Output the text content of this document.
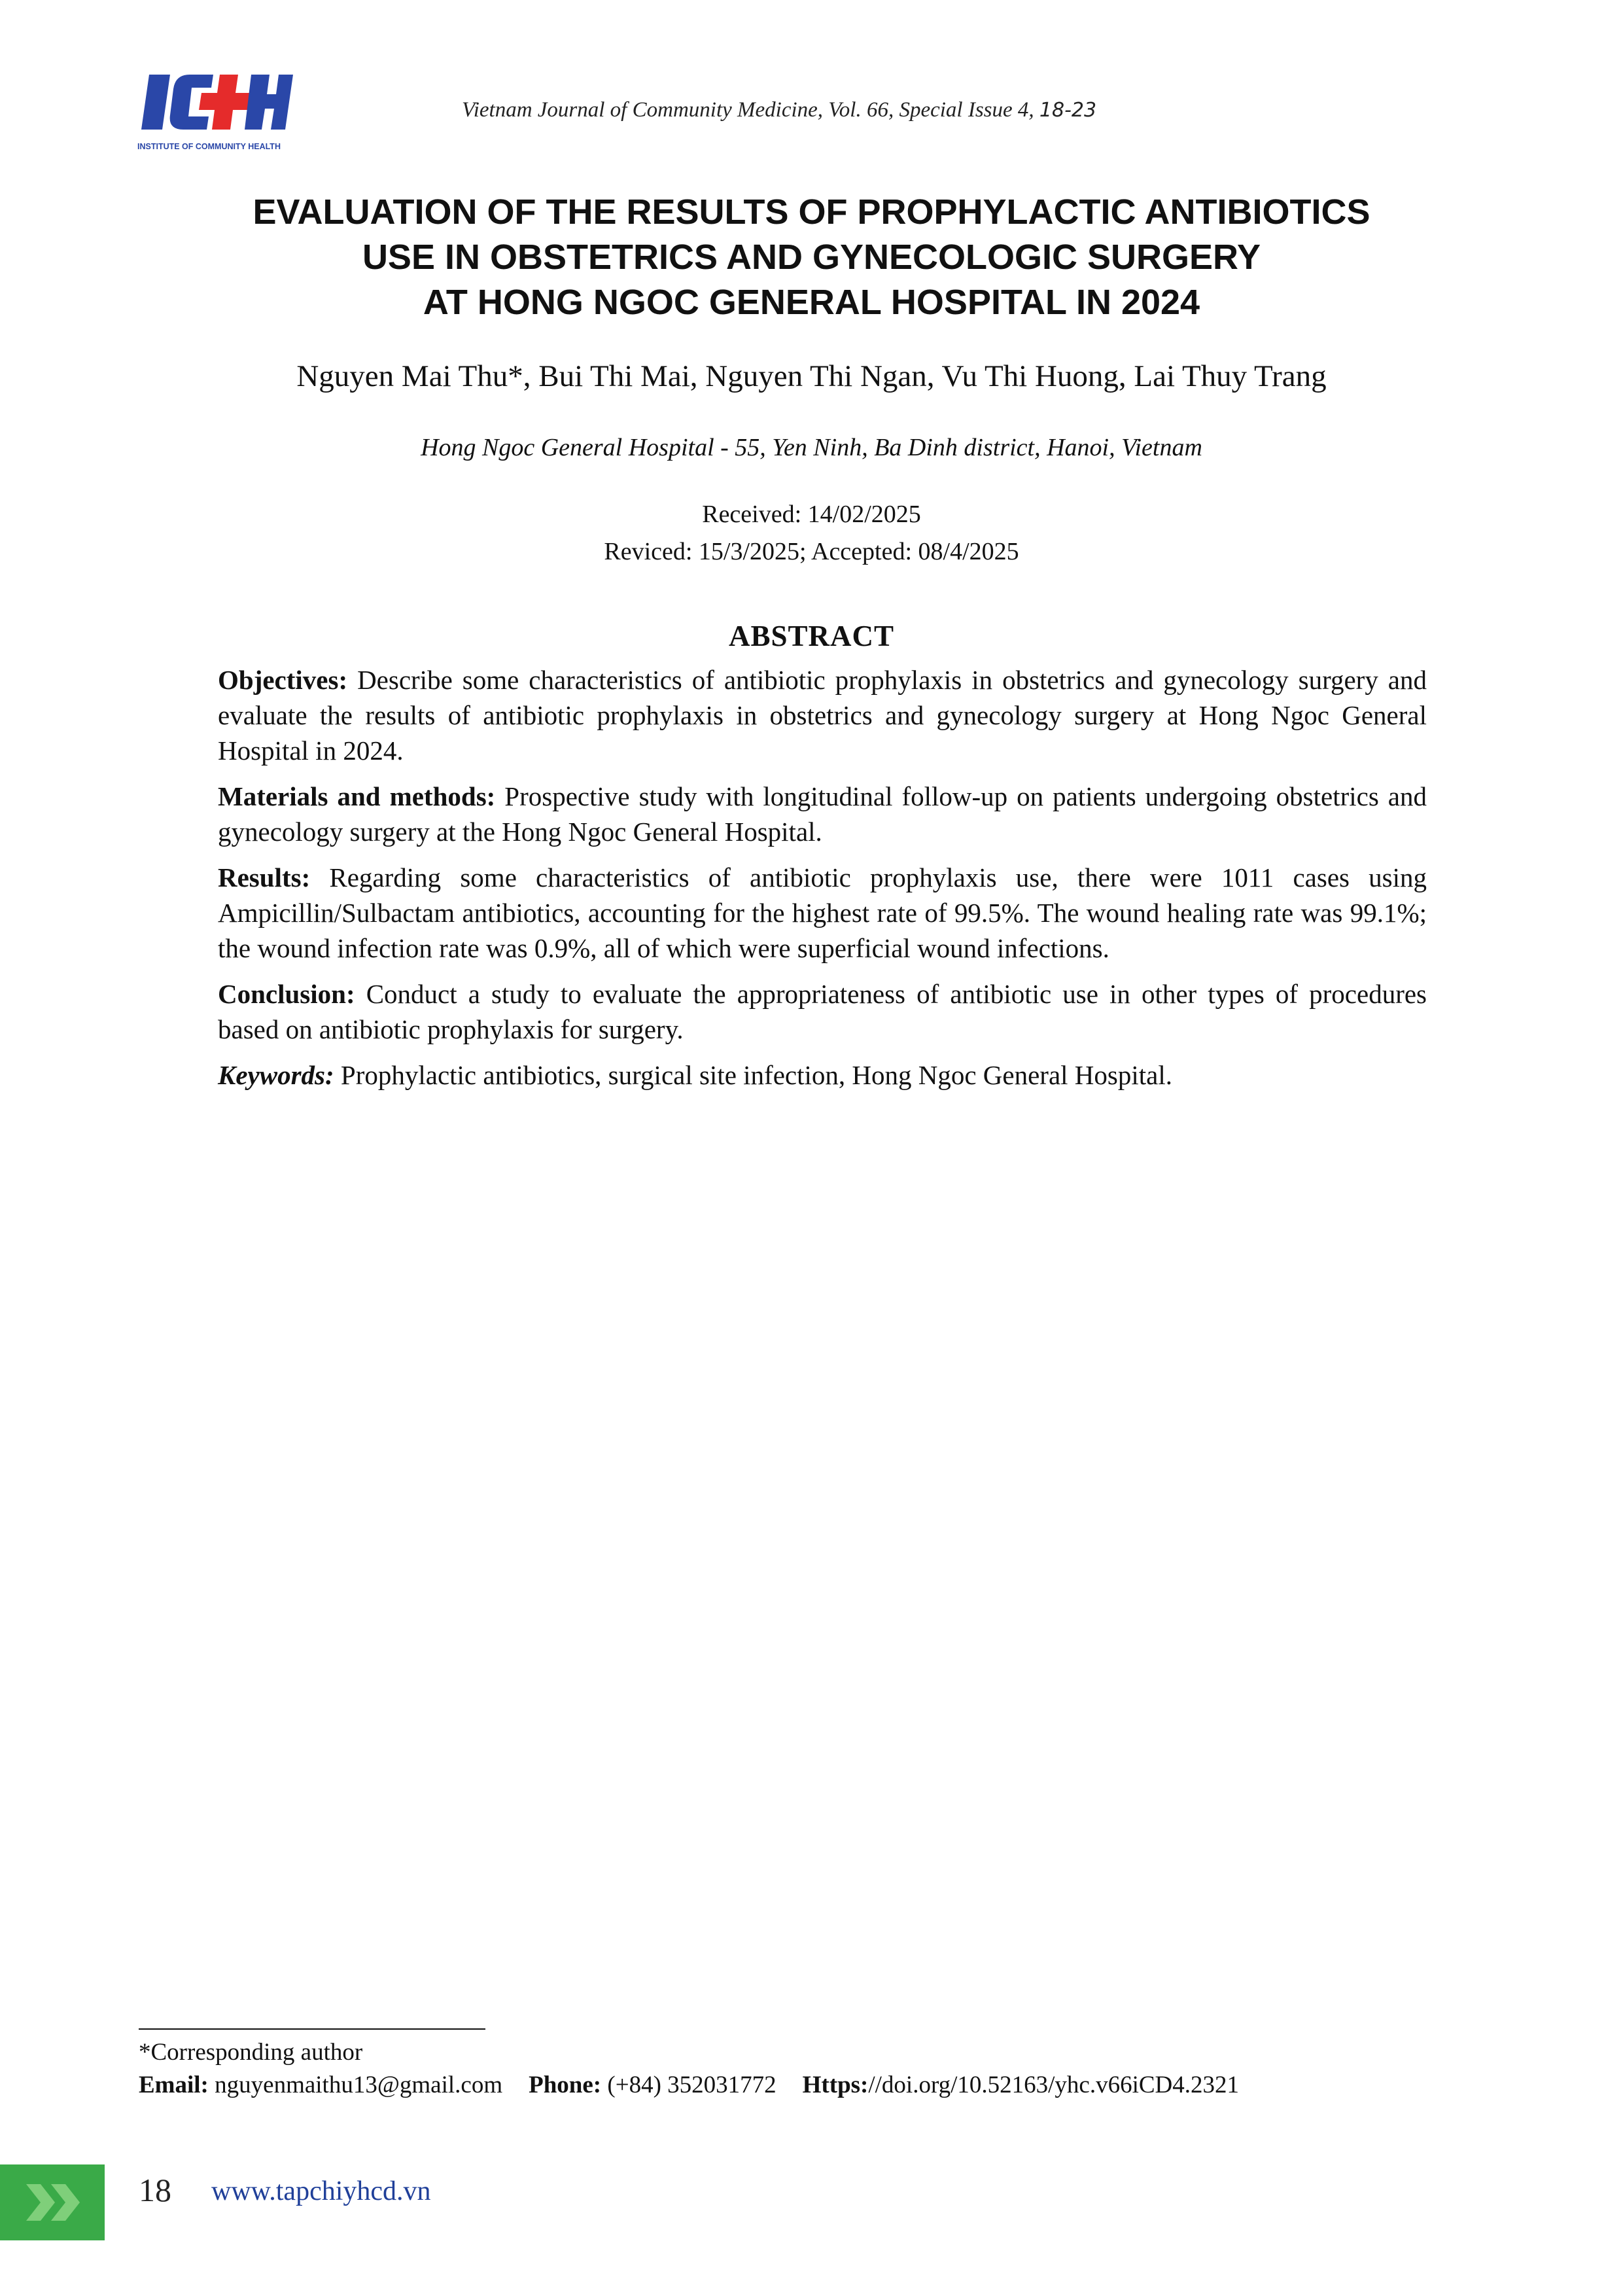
INSTITUTE OF COMMUNITY HEALTH
Vietnam Journal of Community Medicine, Vol. 66, Special Issue 4, 18-23
EVALUATION OF THE RESULTS OF PROPHYLACTIC ANTIBIOTICS
USE IN OBSTETRICS AND GYNECOLOGIC SURGERY
AT HONG NGOC GENERAL HOSPITAL IN 2024
Nguyen Mai Thu*, Bui Thi Mai, Nguyen Thi Ngan, Vu Thi Huong, Lai Thuy Trang
Hong Ngoc General Hospital - 55, Yen Ninh, Ba Dinh district, Hanoi, Vietnam
Received: 14/02/2025
Reviced: 15/3/2025; Accepted: 08/4/2025
ABSTRACT

Objectives: Describe some characteristics of antibiotic prophylaxis in obstetrics and gynecology surgery and evaluate the results of antibiotic prophylaxis in obstetrics and gynecology surgery at Hong Ngoc General Hospital in 2024.

Materials and methods: Prospective study with longitudinal follow-up on patients undergoing obstetrics and gynecology surgery at the Hong Ngoc General Hospital.

Results: Regarding some characteristics of antibiotic prophylaxis use, there were 1011 cases using Ampicillin/Sulbactam antibiotics, accounting for the highest rate of 99.5%. The wound healing rate was 99.1%; the wound infection rate was 0.9%, all of which were superficial wound infections.

Conclusion: Conduct a study to evaluate the appropriateness of antibiotic use in other types of procedures based on antibiotic prophylaxis for surgery.

Keywords: Prophylactic antibiotics, surgical site infection, Hong Ngoc General Hospital.

*Corresponding author
Email: nguyenmaithu13@gmail.com Phone: (+84) 352031772 Https://doi.org/10.52163/yhc.v66iCD4.2321
18 www.tapchiyhcd.vn
